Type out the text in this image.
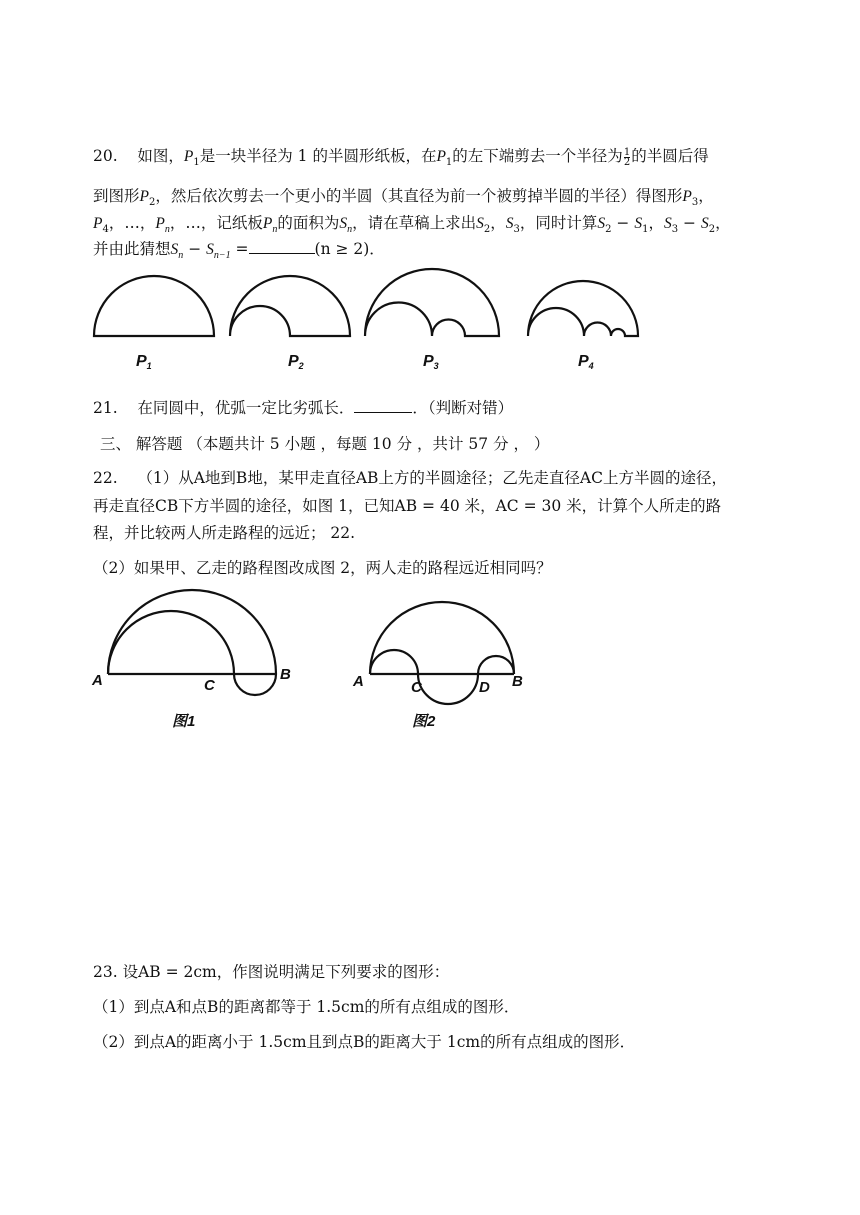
20. 如图，$P_1$是一块半径为 1 的半圆形纸板，在$P_1$的左下端剪去一个半径为 $\frac{1}{2}$ 的半圆后得
到图形$P_2$，然后依次剪去一个更小的半圆（其直径为前一个被剪掉半圆的半径）得图形$P_3$，
$P_4$，…，$P_n$，…，记纸板$P_n$的面积为$S_n$，请在草稿上求出$S_2$，$S_3$，同时计算$S_2 - S_1$，$S_3 - S_2$，
并由此猜想$S_n - S_{n-1}$ =	(n ≥ 2)．
P1	P2	P3	P4
21. 在同圆中，优弧一定比劣弧长．	．（判断对错）
三、 解答题 （本题共计 5 小题 ，每题 10 分 ，共计 57 分 ， ）
22. （1）从A地到B地，某甲走直径AB上方的半圆途径；乙先走直径AC上方半圆的途径，
再走直径CB下方半圆的途径，如图 1，已知AB = 40 米，AC = 30 米，计算个人所走的路
程，并比较两人所走路程的远近； 22.
（2）如果甲、乙走的路程图改成图 2，两人走的路程远近相同吗？
A	C
B
图1
A	C	D B
图2
23. 设AB = 2cm，作图说明满足下列要求的图形：
（1）到点A和点B的距离都等于 1.5cm的所有点组成的图形．
（2）到点A的距离小于 1.5cm且到点B的距离大于 1cm的所有点组成的图形．
